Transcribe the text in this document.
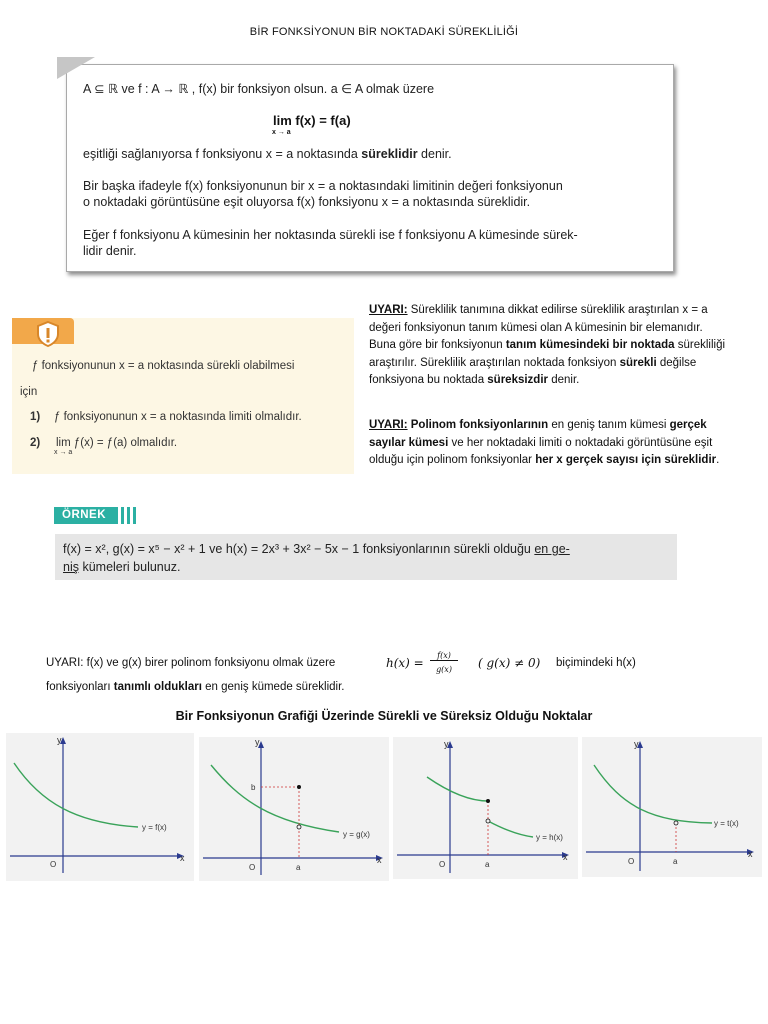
BİR FONKSİYONUN BİR NOKTADAKİ SÜREKLİLİĞİ
A ⊆ ℝ ve f : A → ℝ , f(x) bir fonksiyon olsun. a ∈ A olmak üzere
lim f(x) = f(a)
x → a
eşitliği sağlanıyorsa f fonksiyonu x = a noktasında süreklidir denir.
Bir başka ifadeyle f(x) fonksiyonunun bir x = a noktasındaki limitinin değeri fonksiyonun
o noktadaki görüntüsüne eşit oluyorsa f(x) fonksiyonu x = a noktasında süreklidir.
Eğer f fonksiyonu A kümesinin her noktasında sürekli ise f fonksiyonu A kümesinde sürek-
lidir denir.
ƒ fonksiyonunun x = a noktasında sürekli olabilmesi
için
1) ƒ fonksiyonunun x = a noktasında limiti olmalıdır.
2) lim ƒ(x) = ƒ(a) olmalıdır.
x → a
UYARI: Süreklilik tanımına dikkat edilirse süreklilik araştırılan x = a değeri fonksiyonun tanım kümesi olan A kümesinin bir elemanıdır. Buna göre bir fonksiyonun tanım kümesindeki bir noktada sürekliliği araştırılır. Süreklilik araştırılan noktada fonksiyon sürekli değilse fonksiyona bu noktada süreksizdir denir.
UYARI: Polinom fonksiyonlarının en geniş tanım kümesi gerçek sayılar kümesi ve her noktadaki limiti o noktadaki görüntüsüne eşit olduğu için polinom fonksiyonlar her x gerçek sayısı için süreklidir.
ÖRNEK
f(x) = x², g(x) = x⁵ − x² + 1 ve h(x) = 2x³ + 3x² − 5x − 1 fonksiyonlarının sürekli olduğu en ge-
niş kümeleri bulunuz.
UYARI: f(x) ve g(x) birer polinom fonksiyonu olmak üzere	h(x) =
f(x)
g(x)	( g(x) ≠ 0) biçimindeki h(x)
fonksiyonları tanımlı oldukları en geniş kümede süreklidir.
Bir Fonksiyonun Grafiği Üzerinde Sürekli ve Süreksiz Olduğu Noktalar
y
x
O
y = f(x)
y
x
O
b
a
y = g(x)
y
x
O	a
y = h(x)
y
x
O	a
y = t(x)
